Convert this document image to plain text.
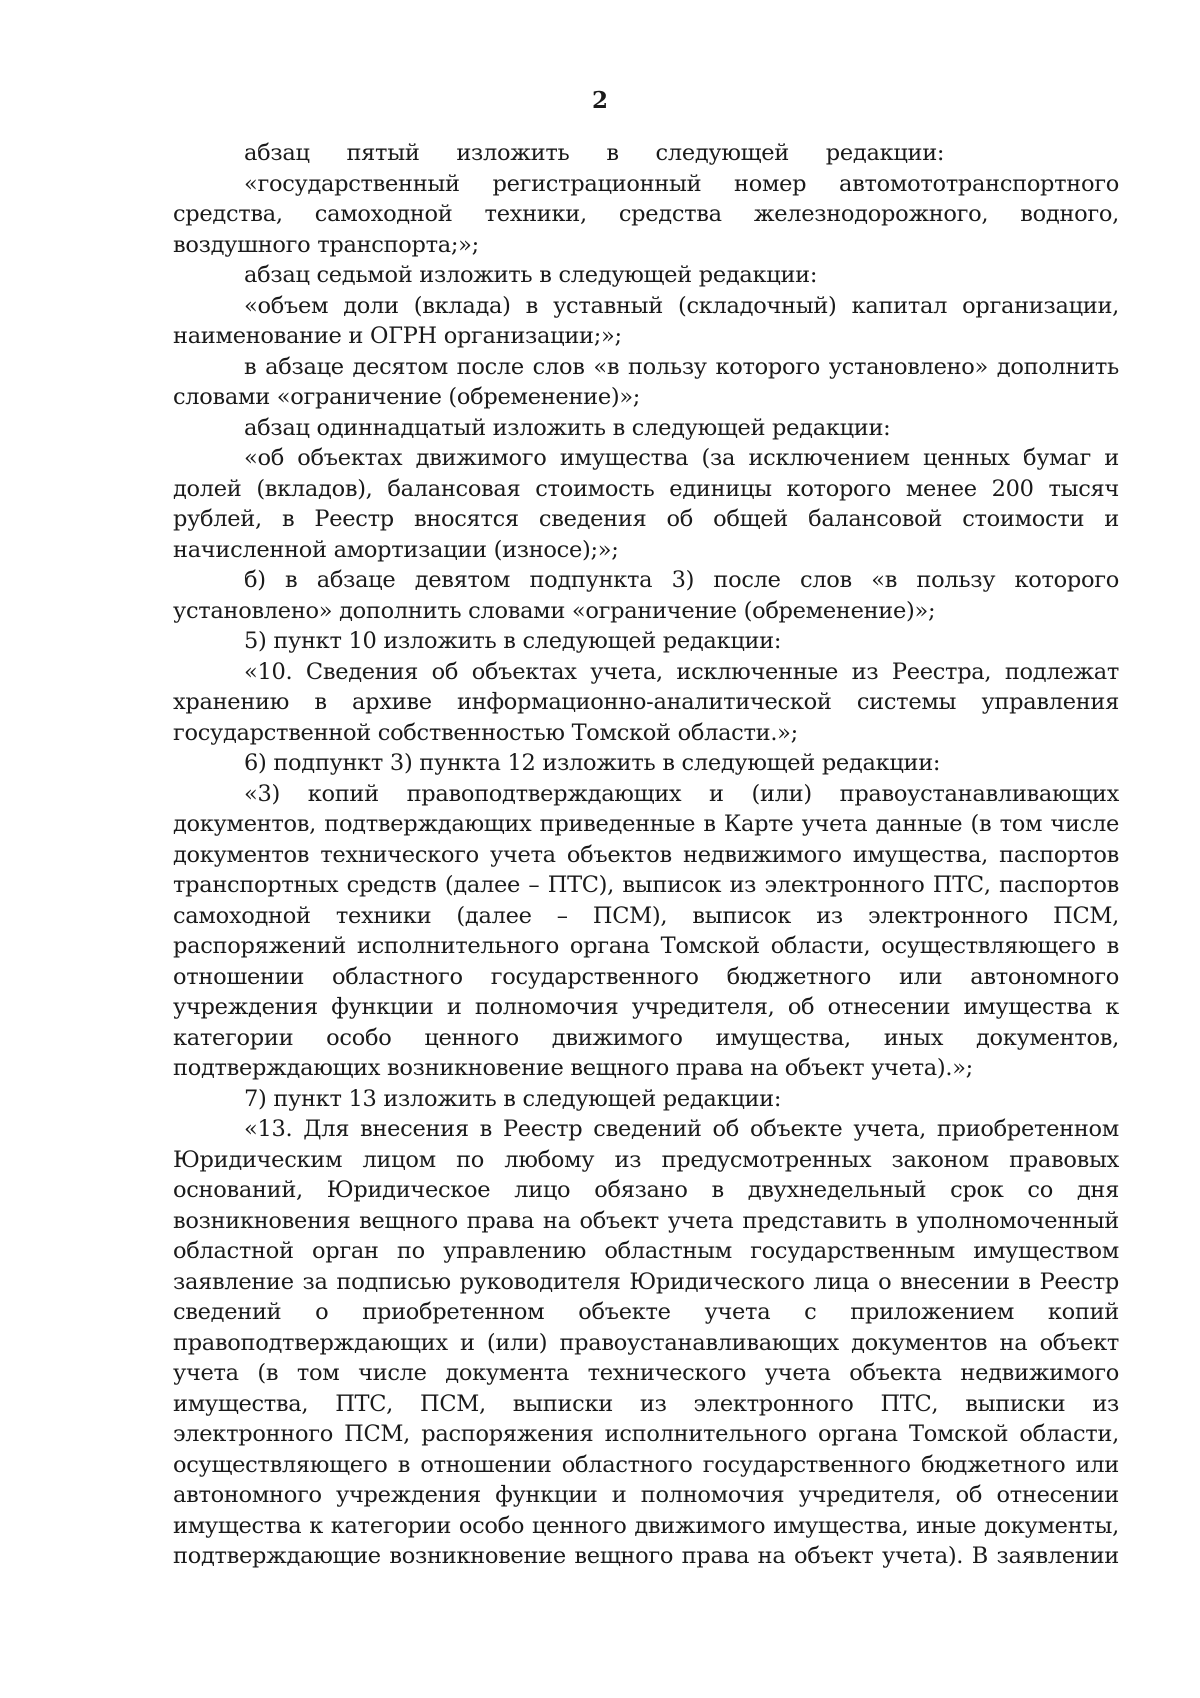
2

абзац пятый изложить в следующей редакции:

«государственный регистрационный номер автомототранспортного средства, самоходной техники, средства железнодорожного, водного, воздушного транспорта;»;

абзац седьмой изложить в следующей редакции:

«объем доли (вклада) в уставный (складочный) капитал организации, наименование и ОГРН организации;»;

в абзаце десятом после слов «в пользу которого установлено» дополнить словами «ограничение (обременение)»;

абзац одиннадцатый изложить в следующей редакции:

«об объектах движимого имущества (за исключением ценных бумаг и долей (вкладов), балансовая стоимость единицы которого менее 200 тысяч рублей, в Реестр вносятся сведения об общей балансовой стоимости и начисленной амортизации (износе);»;

б) в абзаце девятом подпункта 3) после слов «в пользу которого установлено» дополнить словами «ограничение (обременение)»;

5) пункт 10 изложить в следующей редакции:

«10. Сведения об объектах учета, исключенные из Реестра, подлежат хранению в архиве информационно-аналитической системы управления государственной собственностью Томской области.»;

6) подпункт 3) пункта 12 изложить в следующей редакции:

«3) копий правоподтверждающих и (или) правоустанавливающих документов, подтверждающих приведенные в Карте учета данные (в том числе документов технического учета объектов недвижимого имущества, паспортов транспортных средств (далее – ПТС), выписок из электронного ПТС, паспортов самоходной техники (далее – ПСМ), выписок из электронного ПСМ, распоряжений исполнительного органа Томской области, осуществляющего в отношении областного государственного бюджетного или автономного учреждения функции и полномочия учредителя, об отнесении имущества к категории особо ценного движимого имущества, иных документов, подтверждающих возникновение вещного права на объект учета).»;

7) пункт 13 изложить в следующей редакции:

«13. Для внесения в Реестр сведений об объекте учета, приобретенном Юридическим лицом по любому из предусмотренных законом правовых оснований, Юридическое лицо обязано в двухнедельный срок со дня возникновения вещного права на объект учета представить в уполномоченный областной орган по управлению областным государственным имуществом заявление за подписью руководителя Юридического лица о внесении в Реестр сведений о приобретенном объекте учета с приложением копий правоподтверждающих и (или) правоустанавливающих документов на объект учета (в том числе документа технического учета объекта недвижимого имущества, ПТС, ПСМ, выписки из электронного ПТС, выписки из электронного ПСМ, распоряжения исполнительного органа Томской области, осуществляющего в отношении областного государственного бюджетного или автономного учреждения функции и полномочия учредителя, об отнесении имущества к категории особо ценного движимого имущества, иные документы, подтверждающие возникновение вещного права на объект учета). В заявлении
